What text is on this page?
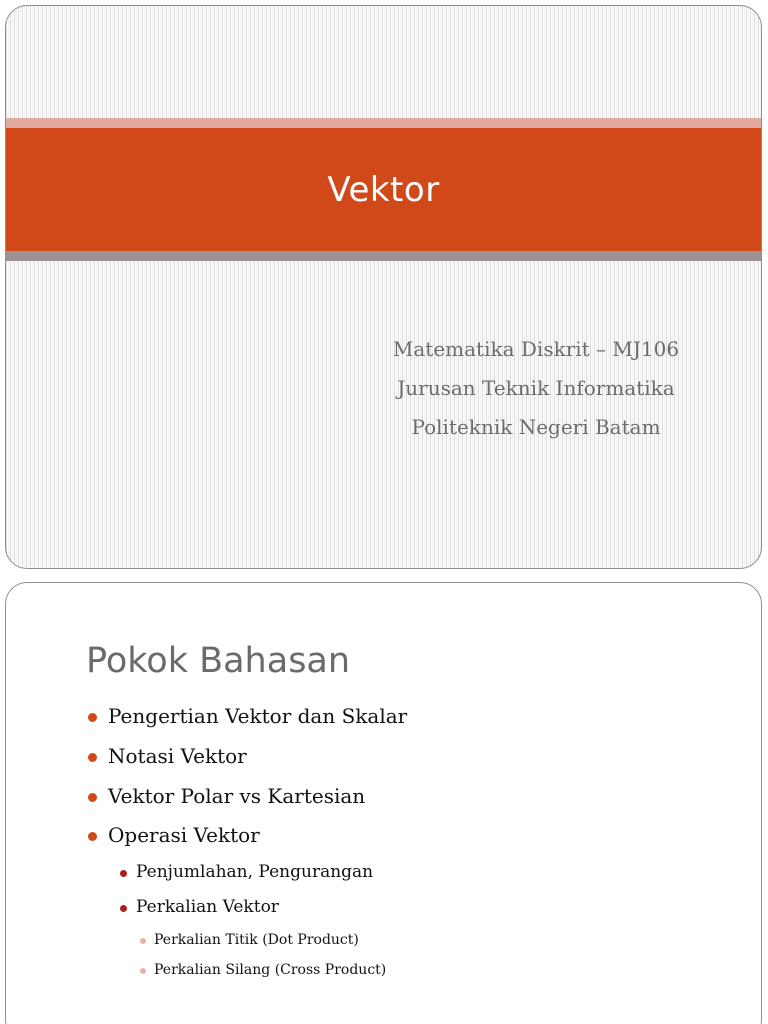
Vektor
Matematika Diskrit – MJ106
Jurusan Teknik Informatika
Politeknik Negeri Batam
Pokok Bahasan
Pengertian Vektor dan Skalar
Notasi Vektor
Vektor Polar vs Kartesian
Operasi Vektor
Penjumlahan, Pengurangan
Perkalian Vektor
Perkalian Titik (Dot Product)
Perkalian Silang (Cross Product)
